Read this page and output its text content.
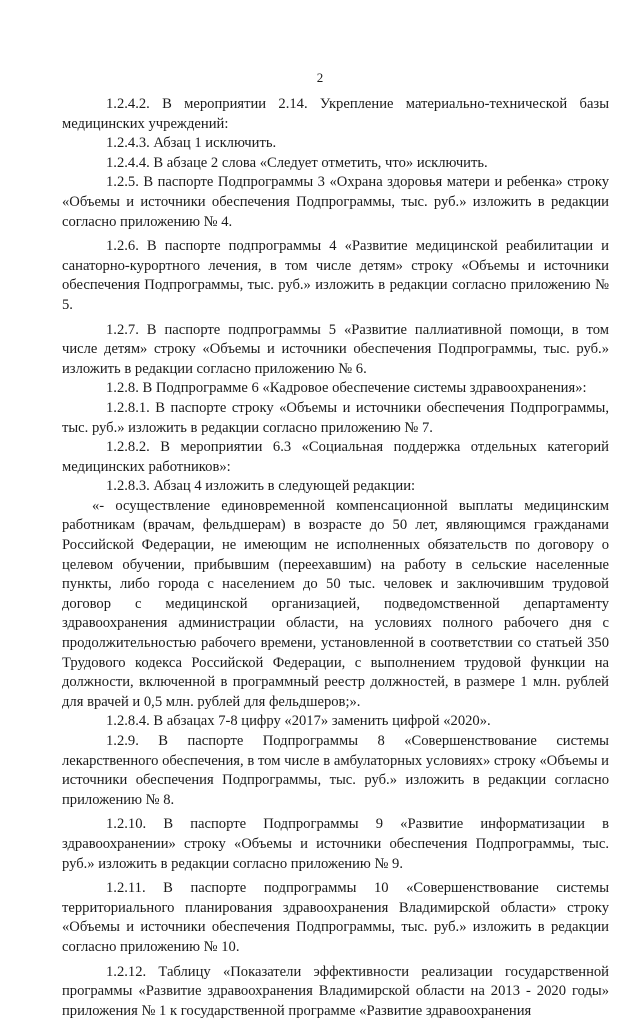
2

1.2.4.2. В мероприятии 2.14. Укрепление материально-технической базы медицинских учреждений:

1.2.4.3. Абзац 1 исключить.

1.2.4.4. В абзаце 2 слова «Следует отметить, что» исключить.

1.2.5. В паспорте Подпрограммы 3 «Охрана здоровья матери и ребенка» строку «Объемы и источники обеспечения Подпрограммы, тыс. руб.» изложить в редакции согласно приложению № 4.

1.2.6. В паспорте подпрограммы 4 «Развитие медицинской реабилитации и санаторно-курортного лечения, в том числе детям» строку «Объемы и источники обеспечения Подпрограммы, тыс. руб.» изложить в редакции согласно приложению № 5.

1.2.7. В паспорте подпрограммы 5 «Развитие паллиативной помощи, в том числе детям» строку «Объемы и источники обеспечения Подпрограммы, тыс. руб.» изложить в редакции согласно приложению № 6.

1.2.8. В Подпрограмме 6 «Кадровое обеспечение системы здравоохранения»:

1.2.8.1. В паспорте строку «Объемы и источники обеспечения Подпрограммы, тыс. руб.» изложить в редакции согласно приложению № 7.

1.2.8.2. В мероприятии 6.3 «Социальная поддержка отдельных категорий медицинских работников»:

1.2.8.3. Абзац 4 изложить в следующей редакции:

«- осуществление единовременной компенсационной выплаты медицинским работникам (врачам, фельдшерам) в возрасте до 50 лет, являющимся гражданами Российской Федерации, не имеющим не исполненных обязательств по договору о целевом обучении, прибывшим (переехавшим) на работу в сельские населенные пункты, либо города с населением до 50 тыс. человек и заключившим трудовой договор с медицинской организацией, подведомственной департаменту здравоохранения администрации области, на условиях полного рабочего дня с продолжительностью рабочего времени, установленной в соответствии со статьей 350 Трудового кодекса Российской Федерации, с выполнением трудовой функции на должности, включенной в программный реестр должностей, в размере 1 млн. рублей для врачей и 0,5 млн. рублей для фельдшеров;».

1.2.8.4. В абзацах 7-8 цифру «2017» заменить цифрой «2020».

1.2.9. В паспорте Подпрограммы 8 «Совершенствование системы лекарственного обеспечения, в том числе в амбулаторных условиях» строку «Объемы и источники обеспечения Подпрограммы, тыс. руб.» изложить в редакции согласно приложению № 8.

1.2.10. В паспорте Подпрограммы 9 «Развитие информатизации в здравоохранении» строку «Объемы и источники обеспечения Подпрограммы, тыс. руб.» изложить в редакции согласно приложению № 9.

1.2.11. В паспорте подпрограммы 10 «Совершенствование системы территориального планирования здравоохранения Владимирской области» строку «Объемы и источники обеспечения Подпрограммы, тыс. руб.» изложить в редакции согласно приложению № 10.

1.2.12. Таблицу «Показатели эффективности реализации государственной программы «Развитие здравоохранения Владимирской области на 2013 - 2020 годы» приложения № 1 к государственной программе «Развитие здравоохранения
